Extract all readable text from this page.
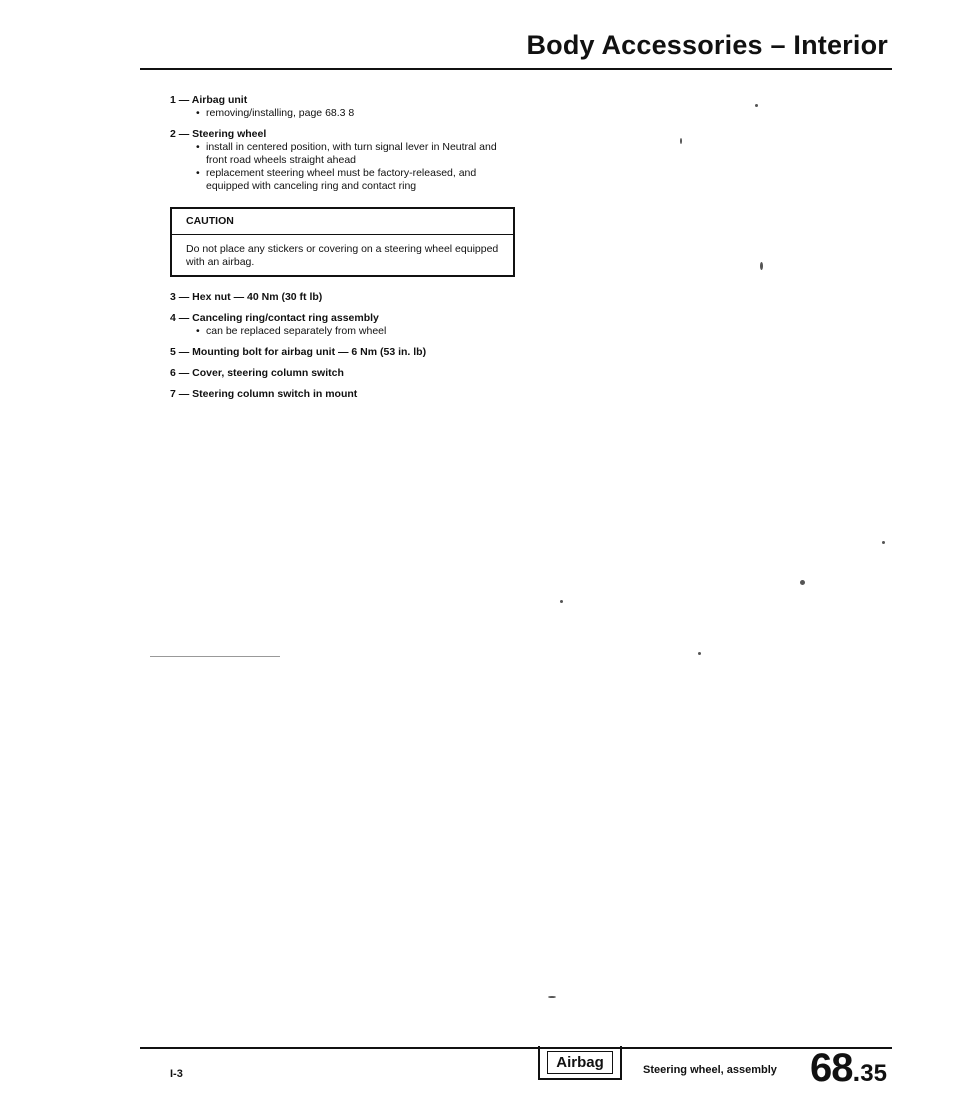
Body Accessories – Interior
1 — Airbag unit
• removing/installing, page 68.3 8
2 — Steering wheel
• install in centered position, with turn signal lever in Neutral and front road wheels straight ahead
• replacement steering wheel must be factory-released, and equipped with canceling ring and contact ring
CAUTION
Do not place any stickers or covering on a steering wheel equipped with an airbag.
3 — Hex nut — 40 Nm (30 ft lb)
4 — Canceling ring/contact ring assembly
• can be replaced separately from wheel
5 — Mounting bolt for airbag unit — 6 Nm (53 in. lb)
6 — Cover, steering column switch
7 — Steering column switch in mount
I-3
Airbag	Steering wheel, assembly 68.35
